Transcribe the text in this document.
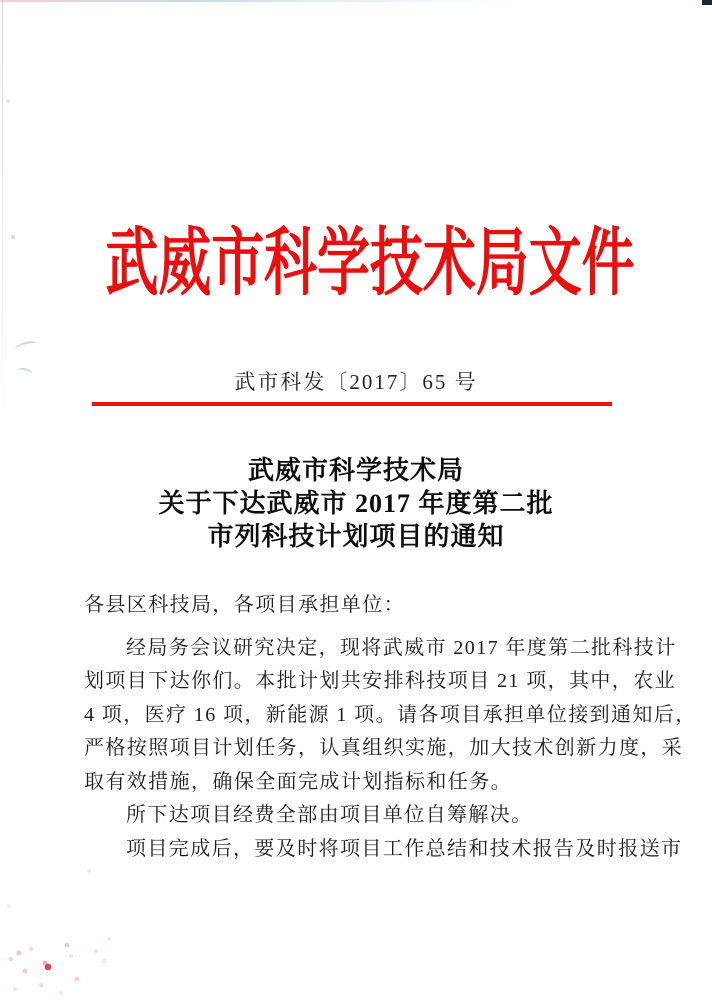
武威市科学技术局文件
武市科发〔2017〕65 号
武威市科学技术局
关于下达武威市 2017 年度第二批
市列科技计划项目的通知
各县区科技局，各项目承担单位：
经局务会议研究决定，现将武威市 2017 年度第二批科技计
划项目下达你们。本批计划共安排科技项目 21 项，其中，农业
4 项，医疗 16 项，新能源 1 项。请各项目承担单位接到通知后，
严格按照项目计划任务，认真组织实施，加大技术创新力度，采
取有效措施，确保全面完成计划指标和任务。
所下达项目经费全部由项目单位自筹解决。
项目完成后，要及时将项目工作总结和技术报告及时报送市
